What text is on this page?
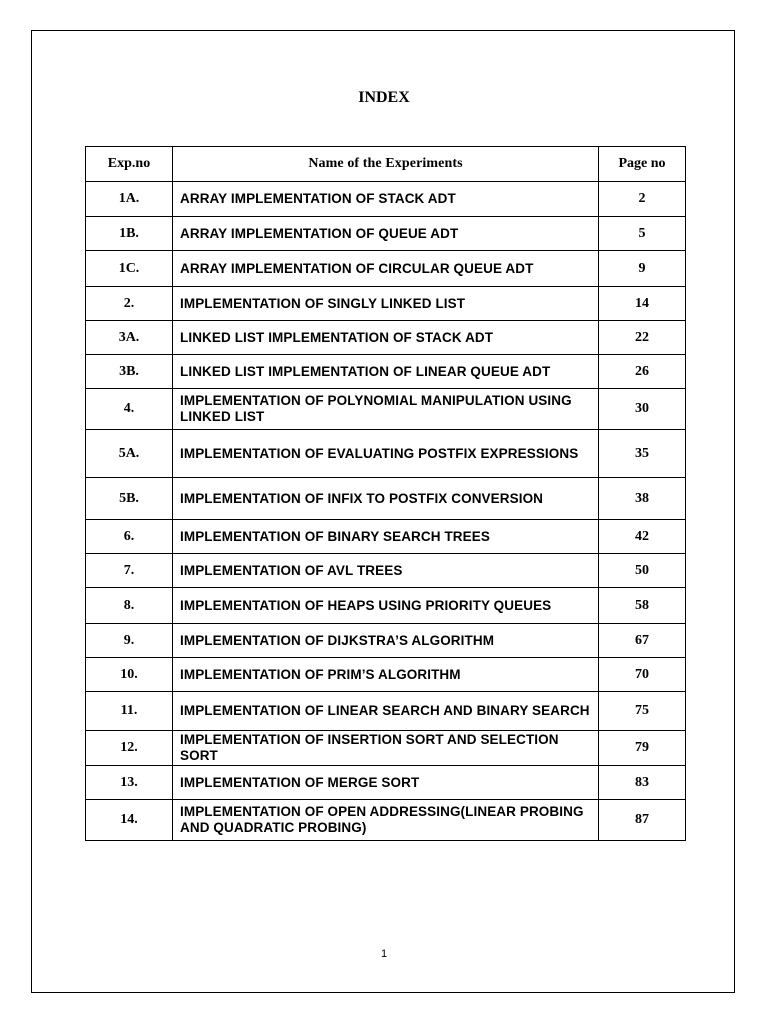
INDEX
Exp.no	Name of the Experiments	Page no
1A.	ARRAY IMPLEMENTATION OF STACK ADT	2
1B.	ARRAY IMPLEMENTATION OF QUEUE ADT	5
1C.	ARRAY IMPLEMENTATION OF CIRCULAR QUEUE ADT	9
2.	IMPLEMENTATION OF SINGLY LINKED LIST	14
3A.	LINKED LIST IMPLEMENTATION OF STACK ADT	22
3B.	LINKED LIST IMPLEMENTATION OF LINEAR QUEUE ADT	26
4.	IMPLEMENTATION OF POLYNOMIAL MANIPULATION USING LINKED LIST	30
5A.	IMPLEMENTATION OF EVALUATING POSTFIX EXPRESSIONS	35
5B.	IMPLEMENTATION OF INFIX TO POSTFIX CONVERSION	38
6.	IMPLEMENTATION OF BINARY SEARCH TREES	42
7.	IMPLEMENTATION OF AVL TREES	50
8.	IMPLEMENTATION OF HEAPS USING PRIORITY QUEUES	58
9.	IMPLEMENTATION OF DIJKSTRA’S ALGORITHM	67
10.	IMPLEMENTATION OF PRIM’S ALGORITHM	70
11.	IMPLEMENTATION OF LINEAR SEARCH AND BINARY SEARCH	75
12.	IMPLEMENTATION OF INSERTION SORT AND SELECTION SORT	79
13.	IMPLEMENTATION OF MERGE SORT	83
14.	IMPLEMENTATION OF OPEN ADDRESSING(LINEAR PROBING AND QUADRATIC PROBING)	87
1
